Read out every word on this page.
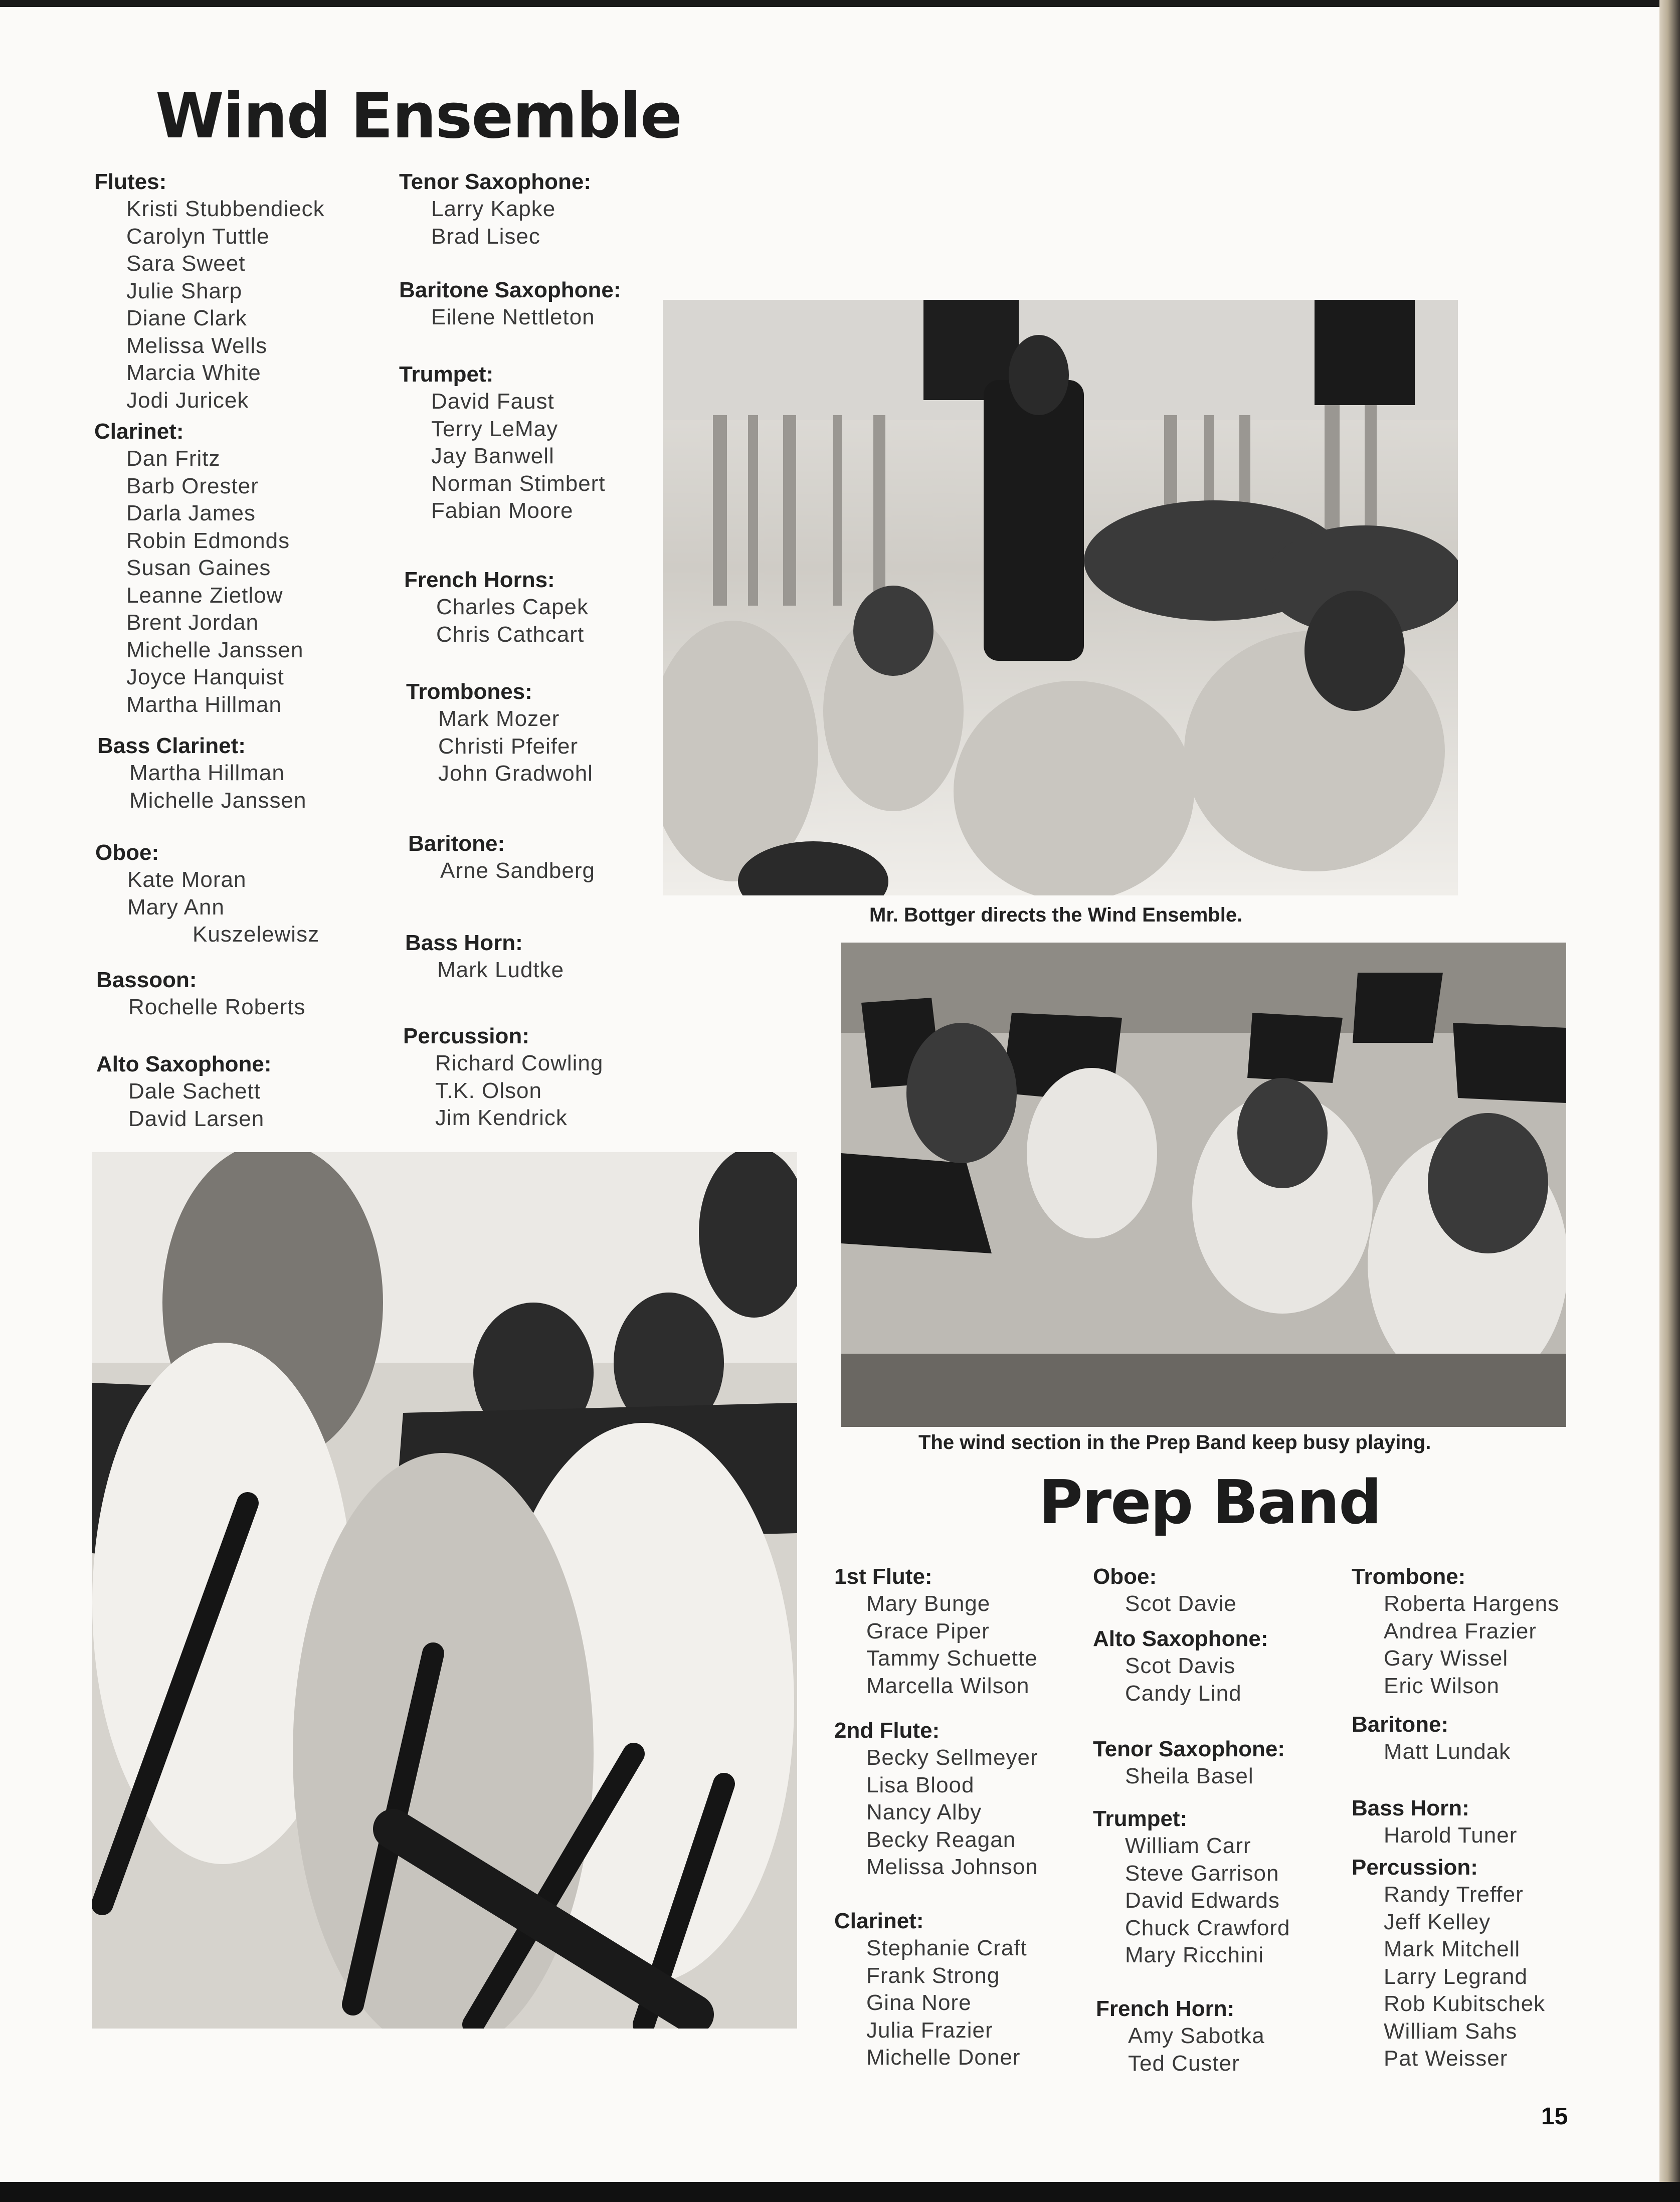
Wind Ensemble
Flutes:
Kristi Stubbendieck
Carolyn Tuttle
Sara Sweet
Julie Sharp
Diane Clark
Melissa Wells
Marcia White
Jodi Juricek
Clarinet:
Dan Fritz
Barb Orester
Darla James
Robin Edmonds
Susan Gaines
Leanne Zietlow
Brent Jordan
Michelle Janssen
Joyce Hanquist
Martha Hillman
Bass Clarinet:
Martha Hillman
Michelle Janssen
Oboe:
Kate Moran
Mary Ann
Kuszelewisz
Bassoon:
Rochelle Roberts
Alto Saxophone:
Dale Sachett
David Larsen
Tenor Saxophone:
Larry Kapke
Brad Lisec
Baritone Saxophone:
Eilene Nettleton
Trumpet:
David Faust
Terry LeMay
Jay Banwell
Norman Stimbert
Fabian Moore
French Horns:
Charles Capek
Chris Cathcart
Trombones:
Mark Mozer
Christi Pfeifer
John Gradwohl
Baritone:
Arne Sandberg
Bass Horn:
Mark Ludtke
Percussion:
Richard Cowling
T.K. Olson
Jim Kendrick
Mr. Bottger directs the Wind Ensemble.
The wind section in the Prep Band keep busy playing.
Prep Band
1st Flute:
Mary Bunge
Grace Piper
Tammy Schuette
Marcella Wilson
2nd Flute:
Becky Sellmeyer
Lisa Blood
Nancy Alby
Becky Reagan
Melissa Johnson
Clarinet:
Stephanie Craft
Frank Strong
Gina Nore
Julia Frazier
Michelle Doner
Oboe:
Scot Davie
Alto Saxophone:
Scot Davis
Candy Lind
Tenor Saxophone:
Sheila Basel
Trumpet:
William Carr
Steve Garrison
David Edwards
Chuck Crawford
Mary Ricchini
French Horn:
Amy Sabotka
Ted Custer
Trombone:
Roberta Hargens
Andrea Frazier
Gary Wissel
Eric Wilson
Baritone:
Matt Lundak
Bass Horn:
Harold Tuner
Percussion:
Randy Treffer
Jeff Kelley
Mark Mitchell
Larry Legrand
Rob Kubitschek
William Sahs
Pat Weisser
15
